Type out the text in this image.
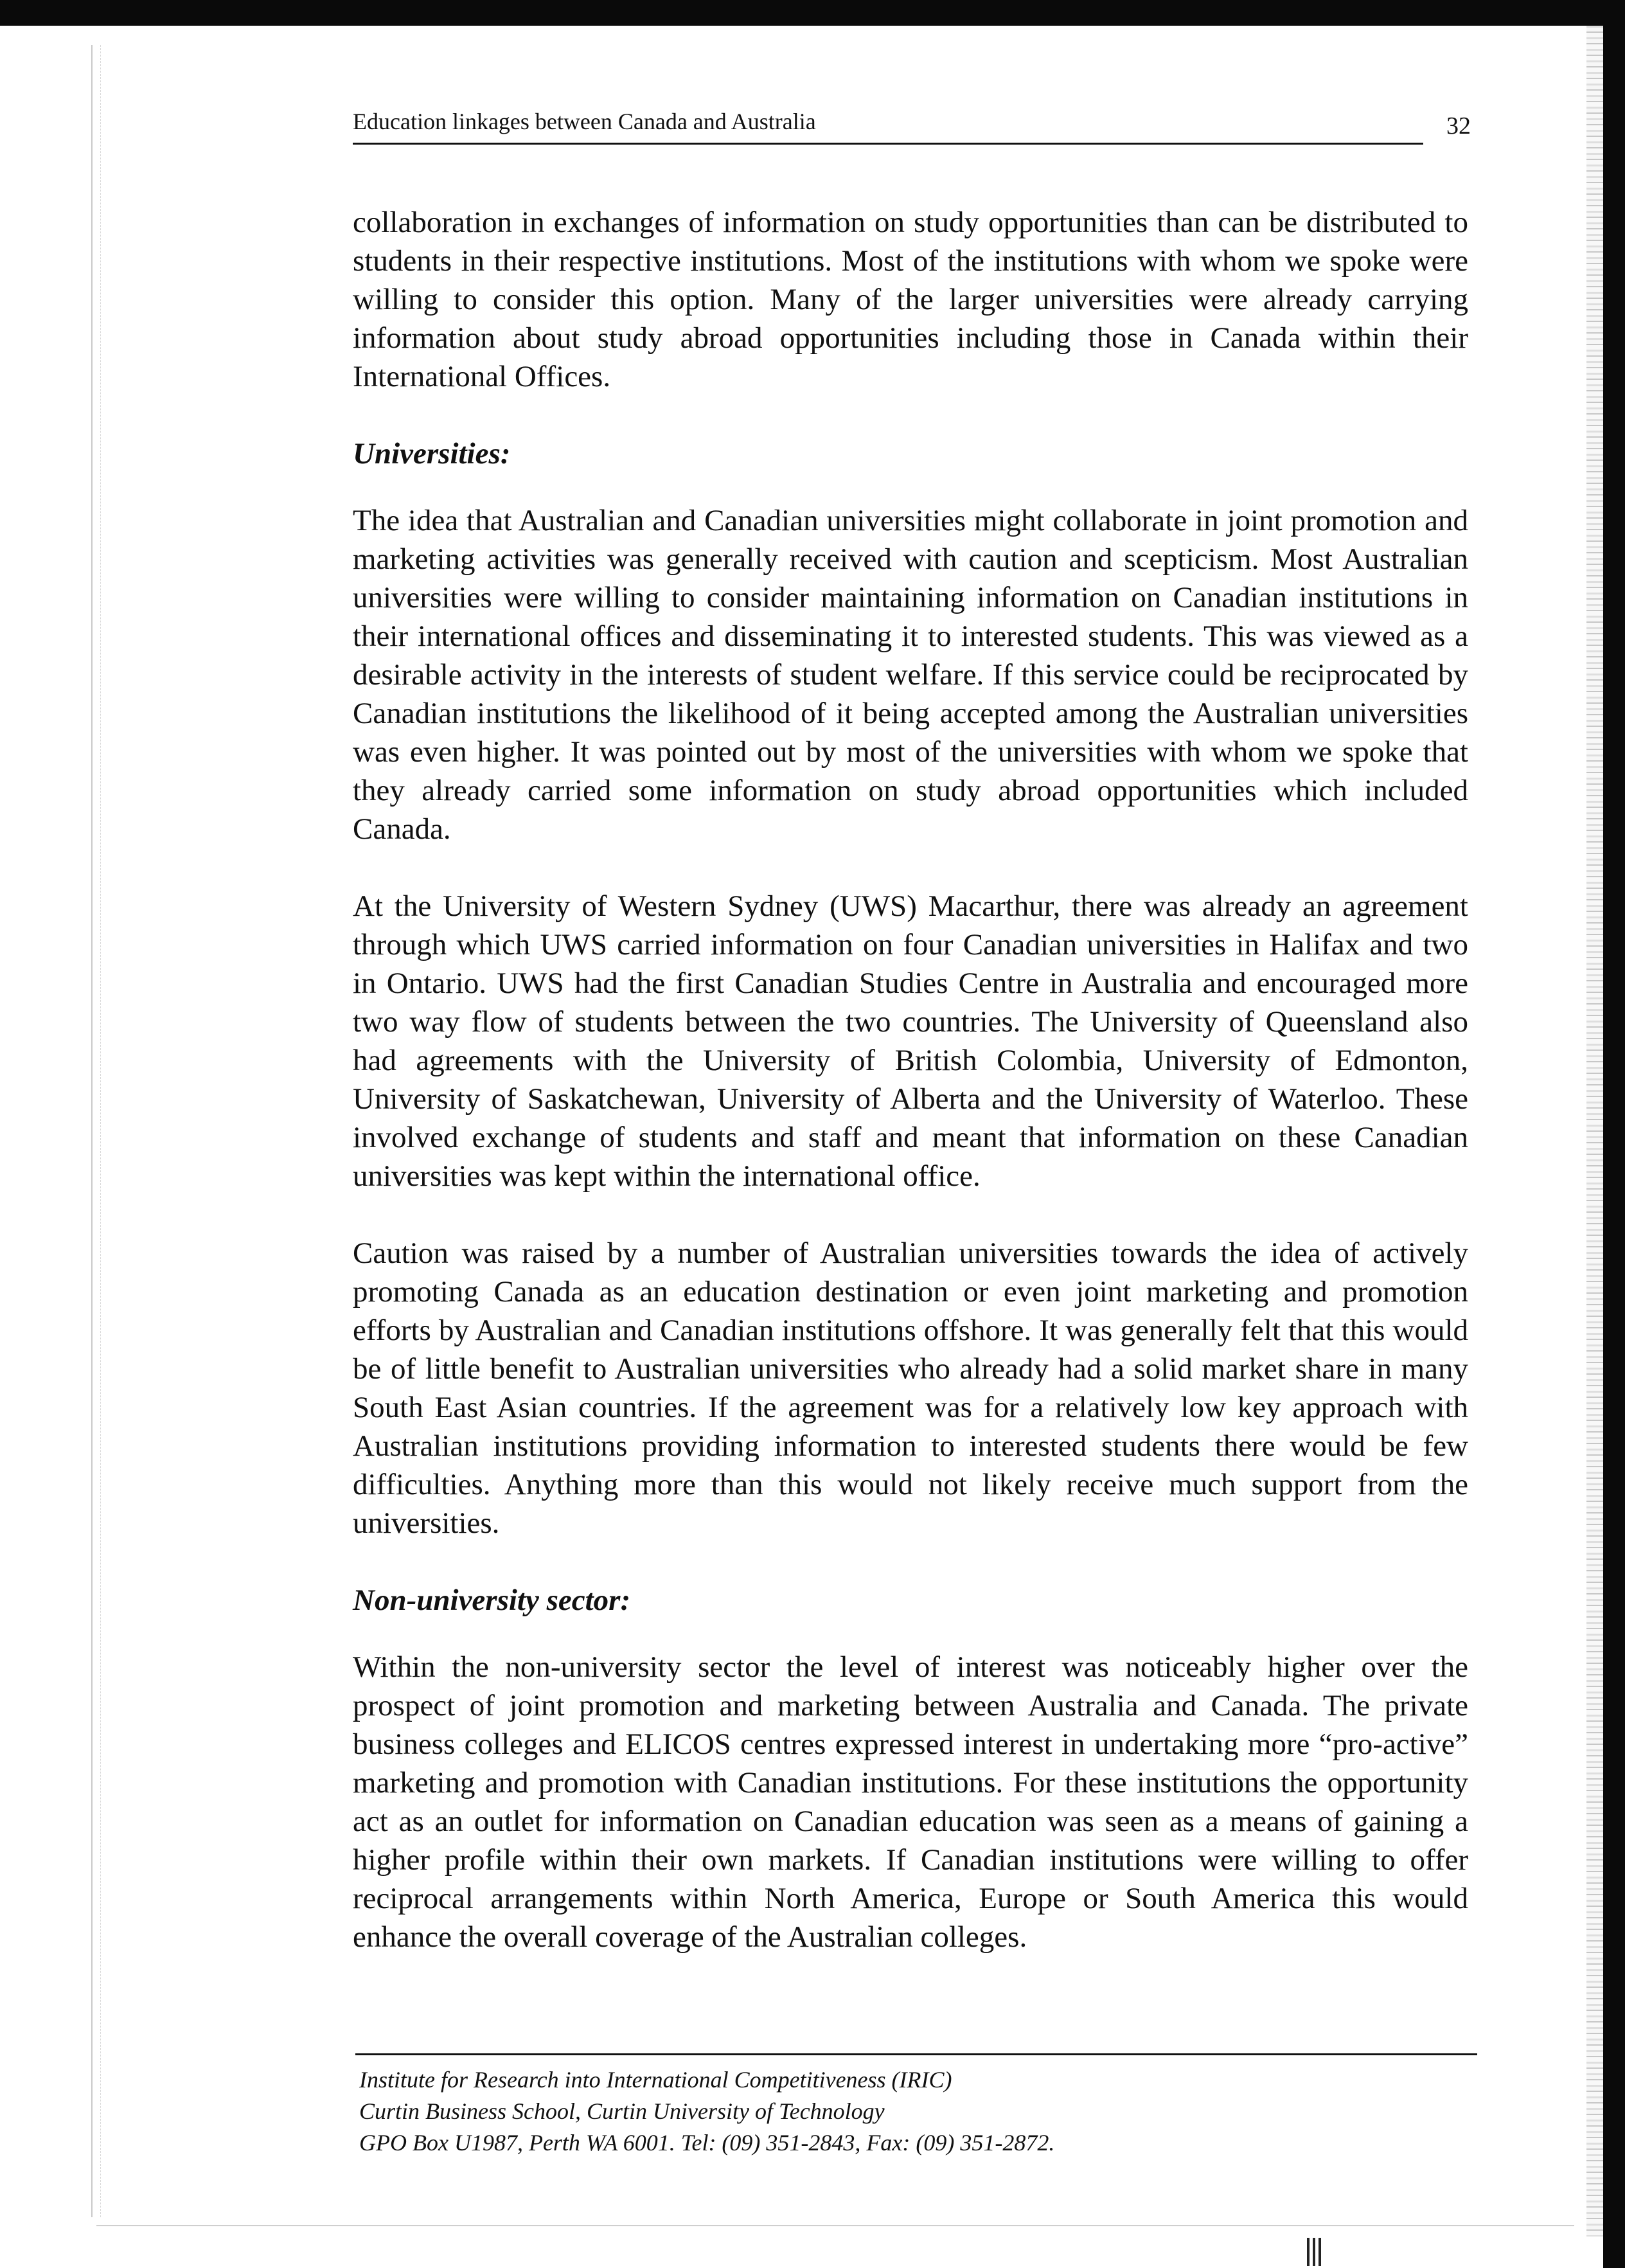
Education linkages between Canada and Australia	32

collaboration in exchanges of information on study opportunities than can be distributed to students in their respective institutions. Most of the institutions with whom we spoke were willing to consider this option. Many of the larger universities were already carrying information about study abroad opportunities including those in Canada within their International Offices.

Universities:

The idea that Australian and Canadian universities might collaborate in joint promotion and marketing activities was generally received with caution and scepticism. Most Australian universities were willing to consider maintaining information on Canadian institutions in their international offices and disseminating it to interested students. This was viewed as a desirable activity in the interests of student welfare. If this service could be reciprocated by Canadian institutions the likelihood of it being accepted among the Australian universities was even higher. It was pointed out by most of the universities with whom we spoke that they already carried some information on study abroad opportunities which included Canada.

At the University of Western Sydney (UWS) Macarthur, there was already an agreement through which UWS carried information on four Canadian universities in Halifax and two in Ontario. UWS had the first Canadian Studies Centre in Australia and encouraged more two way flow of students between the two countries. The University of Queensland also had agreements with the University of British Colombia, University of Edmonton, University of Saskatchewan, University of Alberta and the University of Waterloo. These involved exchange of students and staff and meant that information on these Canadian universities was kept within the international office.

Caution was raised by a number of Australian universities towards the idea of actively promoting Canada as an education destination or even joint marketing and promotion efforts by Australian and Canadian institutions offshore. It was generally felt that this would be of little benefit to Australian universities who already had a solid market share in many South East Asian countries. If the agreement was for a relatively low key approach with Australian institutions providing information to interested students there would be few difficulties. Anything more than this would not likely receive much support from the universities.

Non-university sector:

Within the non-university sector the level of interest was noticeably higher over the prospect of joint promotion and marketing between Australia and Canada. The private business colleges and ELICOS centres expressed interest in undertaking more “pro-active” marketing and promotion with Canadian institutions. For these institutions the opportunity act as an outlet for information on Canadian education was seen as a means of gaining a higher profile within their own markets. If Canadian institutions were willing to offer reciprocal arrangements within North America, Europe or South America this would enhance the overall coverage of the Australian colleges.

Institute for Research into International Competitiveness (IRIC)
Curtin Business School, Curtin University of Technology
GPO Box U1987, Perth WA 6001. Tel: (09) 351-2843, Fax: (09) 351-2872.
